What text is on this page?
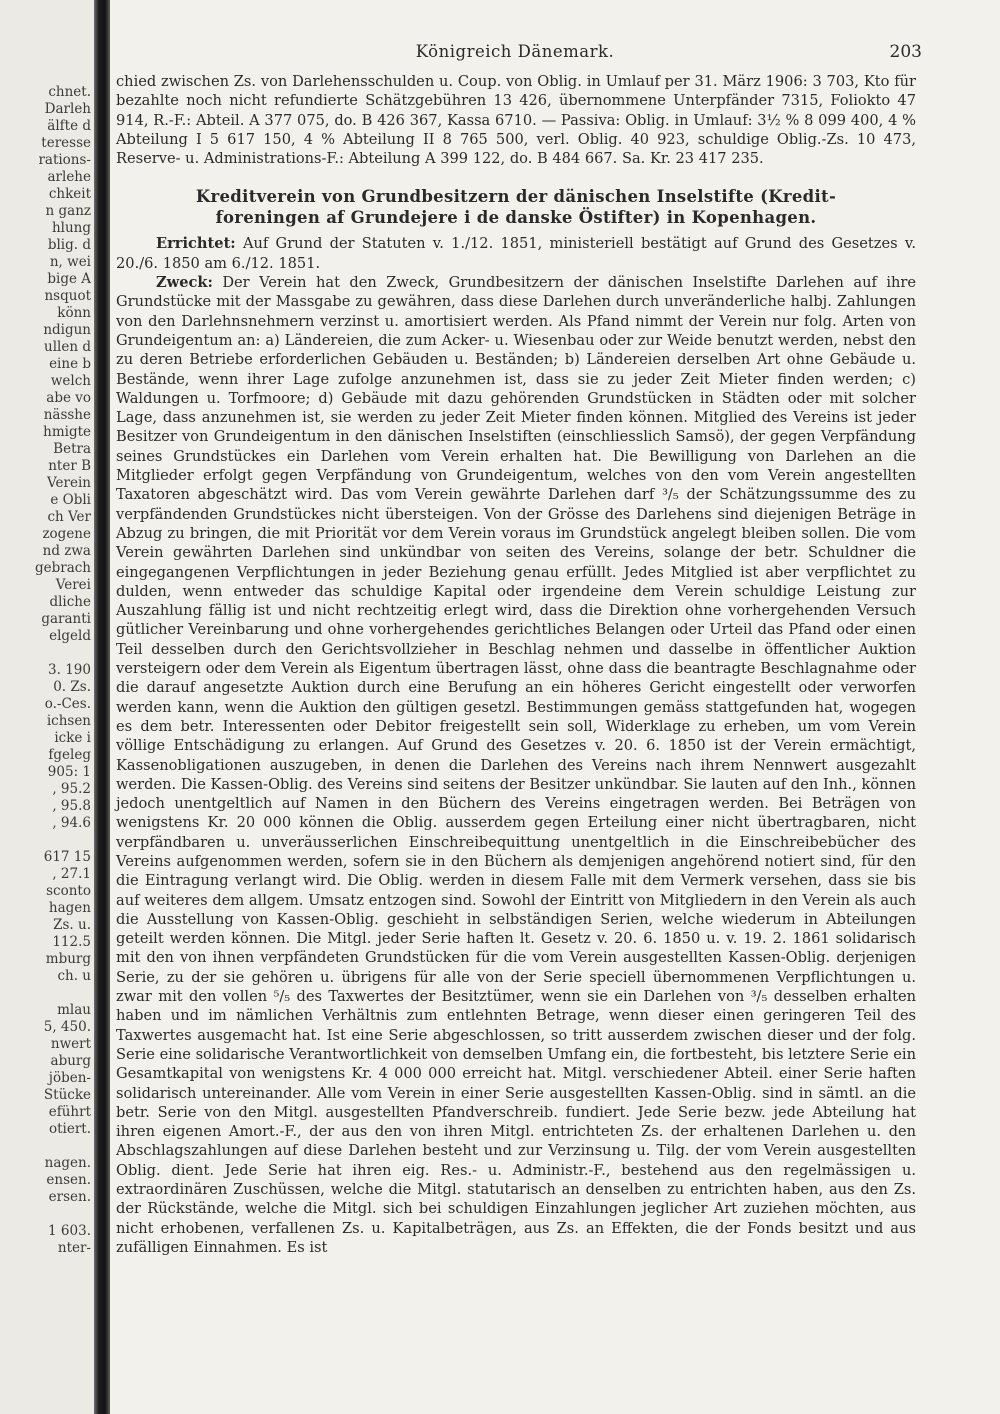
chnet.
Darleh
älfte d
teresse
rations-
arlehe
chkeit
n ganz
hlung
blig. d
n, wei
bige A
nsquot
könn
ndigun
ullen d
eine b
welch
abe vo
nässhe
hmigte
Betra
nter B
Verein
e Obli
ch Ver
zogene
nd zwa
gebrach
Verei
dliche
garanti
elgeld

3. 190
0. Zs.
o.-Ces.
ichsen
icke i
fgeleg
905: 1
, 95.2
, 95.8
, 94.6

617 15
, 27.1
sconto
hagen
Zs. u.
112.5
mburg
ch. u

mlau
5, 450.
nwert
aburg
jöben-
Stücke
eführt
otiert.

nagen.
ensen.
ersen.

1 603.
nter-
Königreich Dänemark.	203

chied zwischen Zs. von Darlehensschulden u. Coup. von Oblig. in Umlauf per 31. März 1906: 3 703, Kto für bezahlte noch nicht refundierte Schätzgebühren 13 426, übernommene Unterpfänder 7315, Foliokto 47 914, R.-F.: Abteil. A 377 075, do. B 426 367, Kassa 6710. — Passiva: Oblig. in Umlauf: 3½ % 8 099 400, 4 % Abteilung I 5 617 150, 4 % Abteilung II 8 765 500, verl. Oblig. 40 923, schuldige Oblig.-Zs. 10 473, Reserve- u. Administrations-F.: Abteilung A 399 122, do. B 484 667. Sa. Kr. 23 417 235.

Kreditverein von Grundbesitzern der dänischen Inselstifte (Kredit-
foreningen af Grundejere i de danske Östifter) in Kopenhagen.

Errichtet: Auf Grund der Statuten v. 1./12. 1851, ministeriell bestätigt auf Grund des Gesetzes v. 20./6. 1850 am 6./12. 1851.

Zweck: Der Verein hat den Zweck, Grundbesitzern der dänischen Inselstifte Darlehen auf ihre Grundstücke mit der Massgabe zu gewähren, dass diese Darlehen durch unveränderliche halbj. Zahlungen von den Darlehnsnehmern verzinst u. amortisiert werden. Als Pfand nimmt der Verein nur folg. Arten von Grundeigentum an: a) Ländereien, die zum Acker- u. Wiesenbau oder zur Weide benutzt werden, nebst den zu deren Betriebe erforderlichen Gebäuden u. Beständen; b) Ländereien derselben Art ohne Gebäude u. Bestände, wenn ihrer Lage zufolge anzunehmen ist, dass sie zu jeder Zeit Mieter finden werden; c) Waldungen u. Torfmoore; d) Gebäude mit dazu gehörenden Grundstücken in Städten oder mit solcher Lage, dass anzunehmen ist, sie werden zu jeder Zeit Mieter finden können. Mitglied des Vereins ist jeder Besitzer von Grundeigentum in den dänischen Inselstiften (einschliesslich Samsö), der gegen Verpfändung seines Grundstückes ein Darlehen vom Verein erhalten hat. Die Bewilligung von Darlehen an die Mitglieder erfolgt gegen Verpfändung von Grundeigentum, welches von den vom Verein angestellten Taxatoren abgeschätzt wird. Das vom Verein gewährte Darlehen darf ³/₅ der Schätzungssumme des zu verpfändenden Grundstückes nicht übersteigen. Von der Grösse des Darlehens sind diejenigen Beträge in Abzug zu bringen, die mit Priorität vor dem Verein voraus im Grundstück angelegt bleiben sollen. Die vom Verein gewährten Darlehen sind unkündbar von seiten des Vereins, solange der betr. Schuldner die eingegangenen Verpflichtungen in jeder Beziehung genau erfüllt. Jedes Mitglied ist aber verpflichtet zu dulden, wenn entweder das schuldige Kapital oder irgendeine dem Verein schuldige Leistung zur Auszahlung fällig ist und nicht rechtzeitig erlegt wird, dass die Direktion ohne vorhergehenden Versuch gütlicher Vereinbarung und ohne vorhergehendes gerichtliches Belangen oder Urteil das Pfand oder einen Teil desselben durch den Gerichtsvollzieher in Beschlag nehmen und dasselbe in öffentlicher Auktion versteigern oder dem Verein als Eigentum übertragen lässt, ohne dass die beantragte Beschlagnahme oder die darauf angesetzte Auktion durch eine Berufung an ein höheres Gericht eingestellt oder verworfen werden kann, wenn die Auktion den gültigen gesetzl. Bestimmungen gemäss stattgefunden hat, wogegen es dem betr. Interessenten oder Debitor freigestellt sein soll, Widerklage zu erheben, um vom Verein völlige Entschädigung zu erlangen. Auf Grund des Gesetzes v. 20. 6. 1850 ist der Verein ermächtigt, Kassenobligationen auszugeben, in denen die Darlehen des Vereins nach ihrem Nennwert ausgezahlt werden. Die Kassen-Oblig. des Vereins sind seitens der Besitzer unkündbar. Sie lauten auf den Inh., können jedoch unentgeltlich auf Namen in den Büchern des Vereins eingetragen werden. Bei Beträgen von wenigstens Kr. 20 000 können die Oblig. ausserdem gegen Erteilung einer nicht übertragbaren, nicht verpfändbaren u. unveräusserlichen Einschreibequittung unentgeltlich in die Einschreibebücher des Vereins aufgenommen werden, sofern sie in den Büchern als demjenigen angehörend notiert sind, für den die Eintragung verlangt wird. Die Oblig. werden in diesem Falle mit dem Vermerk versehen, dass sie bis auf weiteres dem allgem. Umsatz entzogen sind. Sowohl der Eintritt von Mitgliedern in den Verein als auch die Ausstellung von Kassen-Oblig. geschieht in selbständigen Serien, welche wiederum in Abteilungen geteilt werden können. Die Mitgl. jeder Serie haften lt. Gesetz v. 20. 6. 1850 u. v. 19. 2. 1861 solidarisch mit den von ihnen verpfändeten Grundstücken für die vom Verein ausgestellten Kassen-Oblig. derjenigen Serie, zu der sie gehören u. übrigens für alle von der Serie speciell übernommenen Verpflichtungen u. zwar mit den vollen ⁵/₅ des Taxwertes der Besitztümer, wenn sie ein Darlehen von ³/₅ desselben erhalten haben und im nämlichen Verhältnis zum entlehnten Betrage, wenn dieser einen geringeren Teil des Taxwertes ausgemacht hat. Ist eine Serie abgeschlossen, so tritt ausserdem zwischen dieser und der folg. Serie eine solidarische Verantwortlichkeit von demselben Umfang ein, die fortbesteht, bis letztere Serie ein Gesamtkapital von wenigstens Kr. 4 000 000 erreicht hat. Mitgl. verschiedener Abteil. einer Serie haften solidarisch untereinander. Alle vom Verein in einer Serie ausgestellten Kassen-Oblig. sind in sämtl. an die betr. Serie von den Mitgl. ausgestellten Pfandverschreib. fundiert. Jede Serie bezw. jede Abteilung hat ihren eigenen Amort.-F., der aus den von ihren Mitgl. entrichteten Zs. der erhaltenen Darlehen u. den Abschlagszahlungen auf diese Darlehen besteht und zur Verzinsung u. Tilg. der vom Verein ausgestellten Oblig. dient. Jede Serie hat ihren eig. Res.- u. Administr.-F., bestehend aus den regelmässigen u. extraordinären Zuschüssen, welche die Mitgl. statutarisch an denselben zu entrichten haben, aus den Zs. der Rückstände, welche die Mitgl. sich bei schuldigen Einzahlungen jeglicher Art zuziehen möchten, aus nicht erhobenen, verfallenen Zs. u. Kapitalbeträgen, aus Zs. an Effekten, die der Fonds besitzt und aus zufälligen Einnahmen. Es ist
